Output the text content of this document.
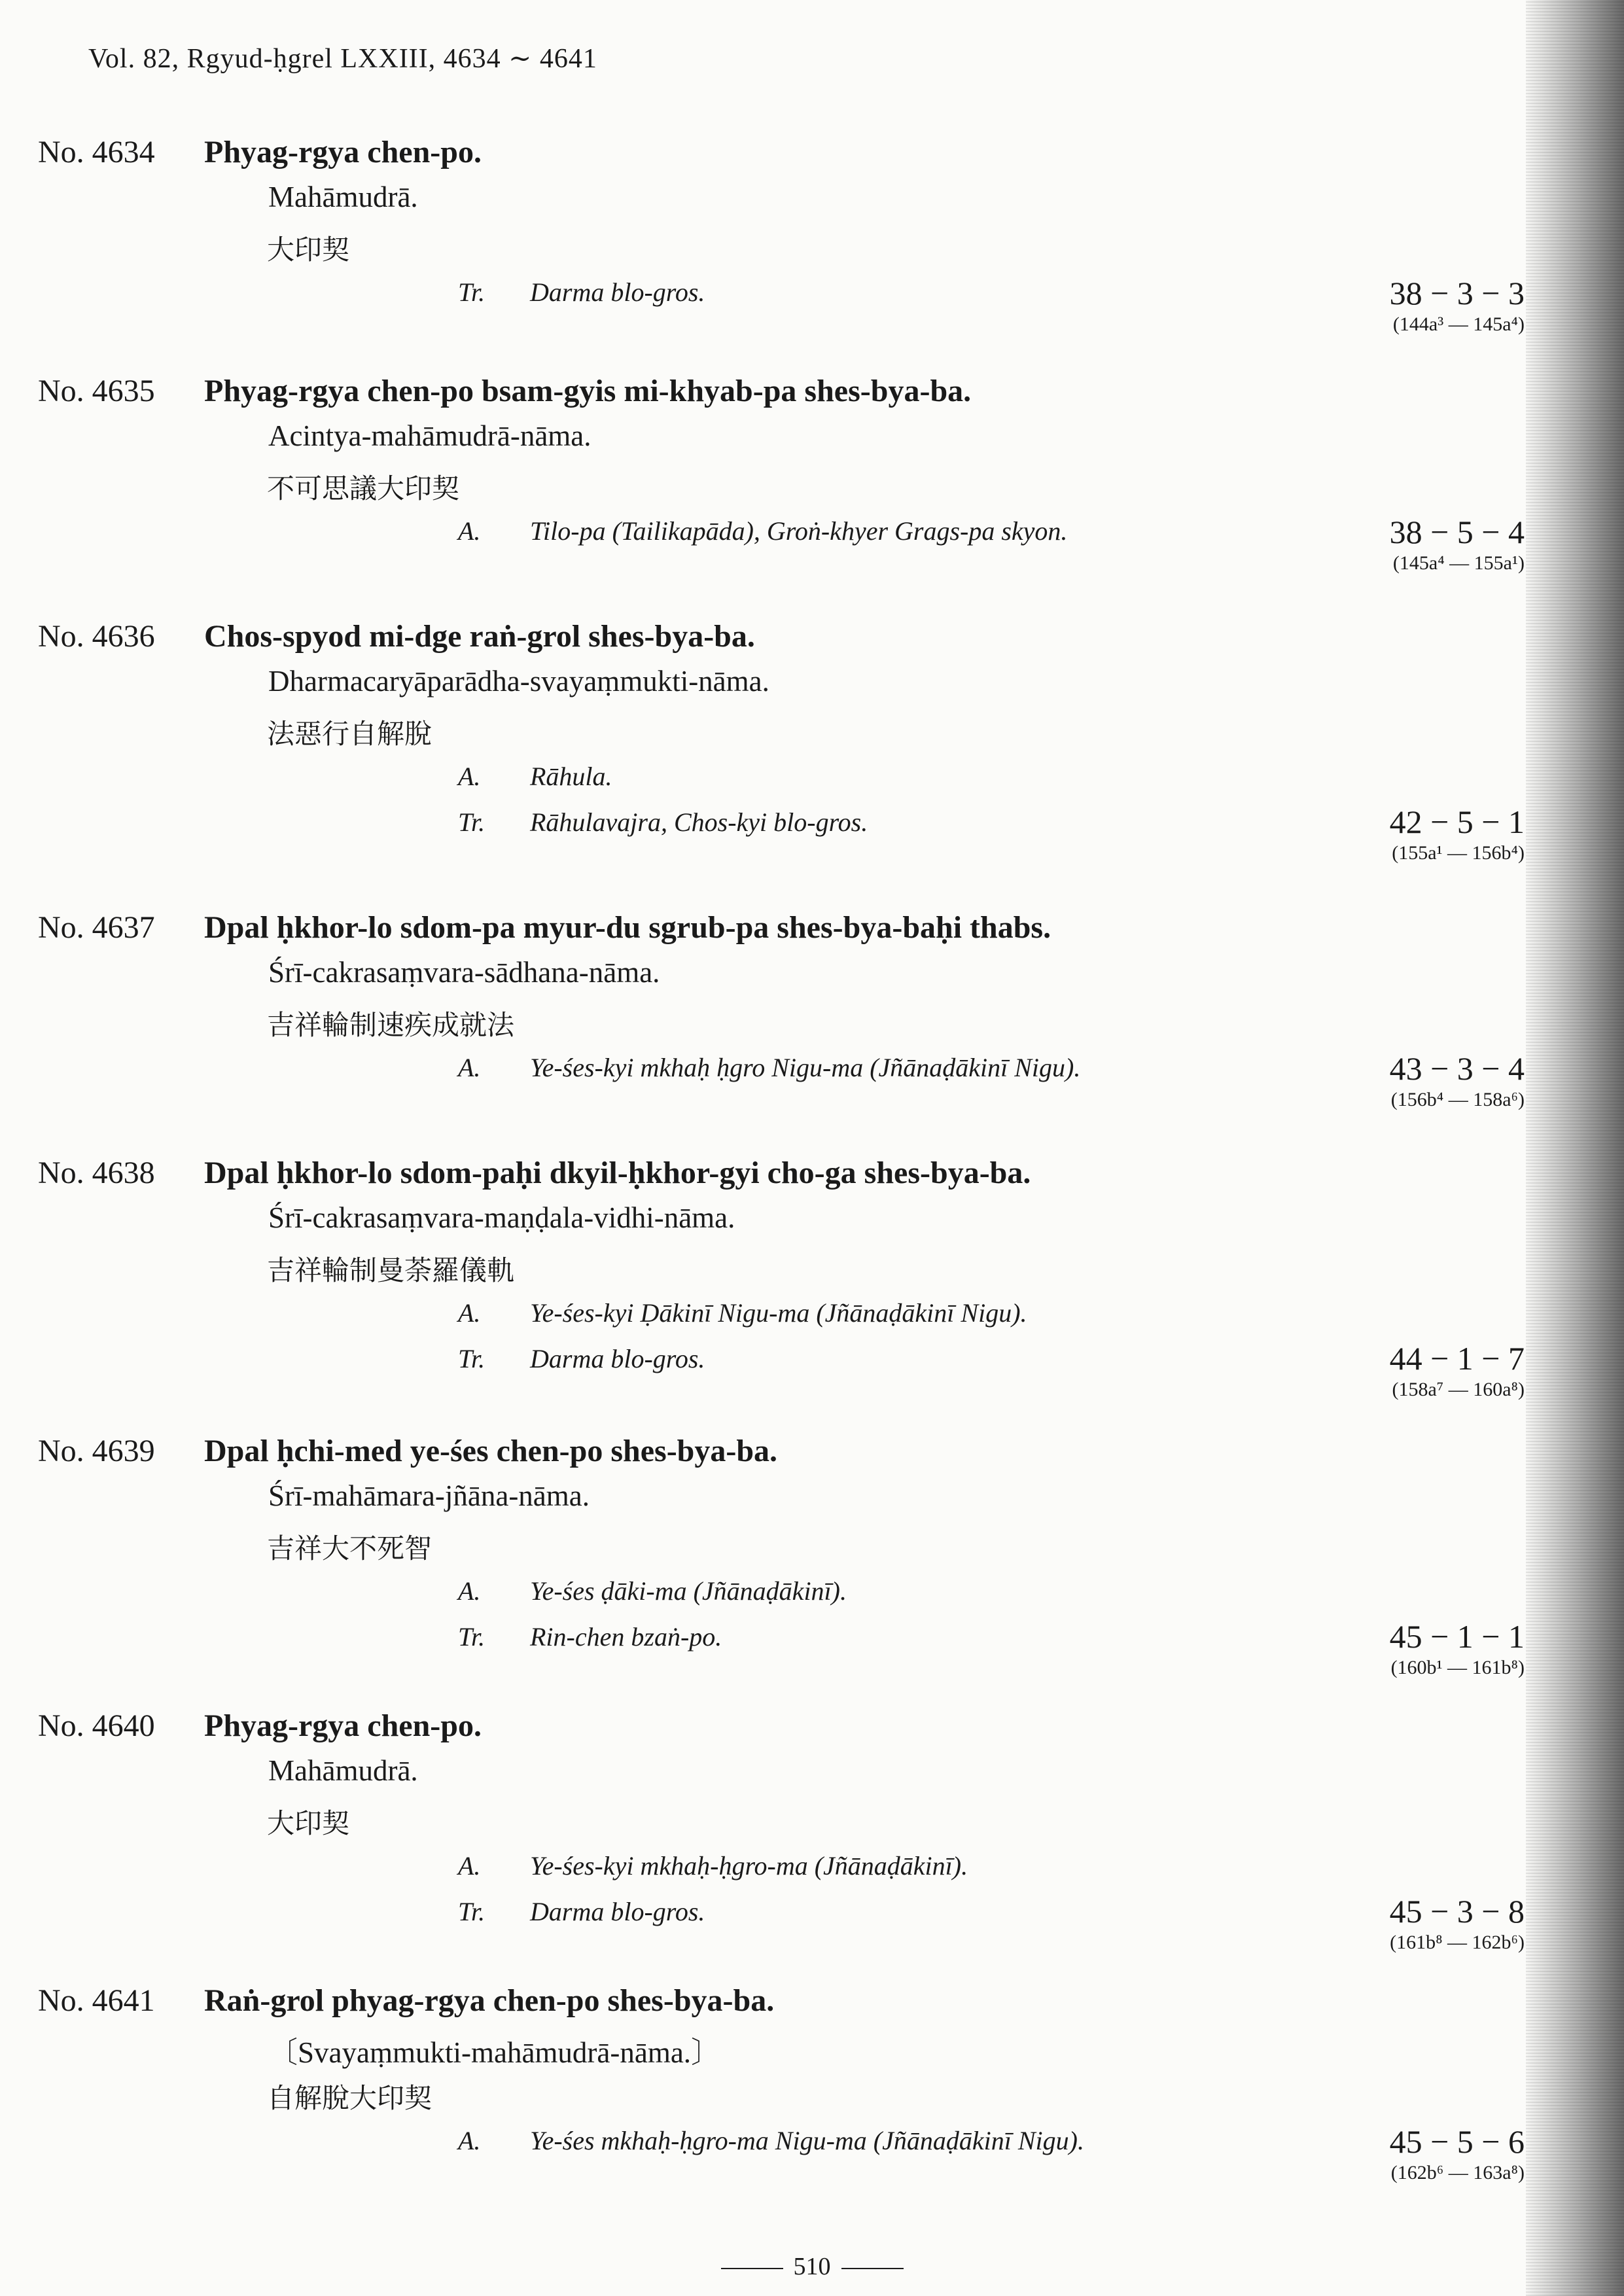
Vol. 82, Rgyud-ḥgrel LXXIII, 4634 ∼ 4641
No. 4634 Phyag-rgya chen-po.
Mahāmudrā.
大印契
Tr. Darma blo-gros.	38 − 3 − 3
(144a³ — 145a⁴)
No. 4635 Phyag-rgya chen-po bsam-gyis mi-khyab-pa shes-bya-ba.
Acintya-mahāmudrā-nāma.
不可思議大印契
A. Tilo-pa (Tailikapāda), Groṅ-khyer Grags-pa skyon.	38 − 5 − 4
(145a⁴ — 155a¹)
No. 4636 Chos-spyod mi-dge raṅ-grol shes-bya-ba.
Dharmacaryāparādha-svayaṃmukti-nāma.
法惡行自解脫
A. Rāhula.
Tr. Rāhulavajra, Chos-kyi blo-gros.	42 − 5 − 1
(155a¹ — 156b⁴)
No. 4637 Dpal ḥkhor-lo sdom-pa myur-du sgrub-pa shes-bya-baḥi thabs.
Śrī-cakrasaṃvara-sādhana-nāma.
吉祥輪制速疾成就法
A. Ye-śes-kyi mkhaḥ ḥgro Nigu-ma (Jñānaḍākinī Nigu).	43 − 3 − 4
(156b⁴ — 158a⁶)
No. 4638 Dpal ḥkhor-lo sdom-paḥi dkyil-ḥkhor-gyi cho-ga shes-bya-ba.
Śrī-cakrasaṃvara-maṇḍala-vidhi-nāma.
吉祥輪制曼荼羅儀軌
A. Ye-śes-kyi Ḍākinī Nigu-ma (Jñānaḍākinī Nigu).
Tr. Darma blo-gros.	44 − 1 − 7
(158a⁷ — 160a⁸)
No. 4639 Dpal ḥchi-med ye-śes chen-po shes-bya-ba.
Śrī-mahāmara-jñāna-nāma.
吉祥大不死智
A. Ye-śes ḍāki-ma (Jñānaḍākinī).
Tr. Rin-chen bzaṅ-po.	45 − 1 − 1
(160b¹ — 161b⁸)
No. 4640 Phyag-rgya chen-po.
Mahāmudrā.
大印契
A. Ye-śes-kyi mkhaḥ-ḥgro-ma (Jñānaḍākinī).
Tr. Darma blo-gros.	45 − 3 − 8
(161b⁸ — 162b⁶)
No. 4641 Raṅ-grol phyag-rgya chen-po shes-bya-ba.
〔Svayaṃmukti-mahāmudrā-nāma.〕
自解脫大印契
A. Ye-śes mkhaḥ-ḥgro-ma Nigu-ma (Jñānaḍākinī Nigu).	45 − 5 − 6
(162b⁶ — 163a⁸)
510
